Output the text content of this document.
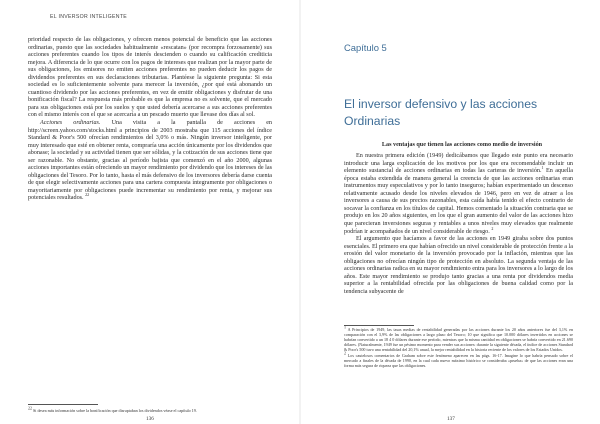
EL INVERSOR INTELIGENTE

prioridad respecto de las obligaciones, y ofrecen menos potencial de beneficio que las acciones ordinarias, puesto que las sociedades habitualmente «rescatan» (por recompra forzosamente) sus acciones preferentes cuando los tipos de interés descienden o cuando su calificación crediticia mejora. A diferencia de lo que ocurre con los pagos de intereses que realizan por la mayor parte de sus obligaciones, los emisores no emiten acciones preferentes no pueden deducir los pagos de dividendos preferentes en sus declaraciones tributarias. Plantéese la siguiente pregunta: Si esta sociedad es lo suficientemente solvente para merecer la inversión, ¿por qué está abonando un cuantioso dividendo por las acciones preferentes, en vez de emitir obligaciones y disfrutar de una bonificación fiscal? La respuesta más probable es que la empresa no es solvente, que el mercado para sus obligaciones está por los suelos y que usted debería acercarse a sus acciones preferentes con el mismo interés con el que se acercaría a un pescado muerto que llevase dos días al sol.

Acciones ordinarias. Una visita a la pantalla de acciones en http://screen.yahoo.com/stocks.html a principios de 2003 mostraba que 115 acciones del índice Standard & Poor's 500 ofrecían rendimientos del 3,0% o más. Ningún inversor inteligente, por muy interesado que esté en obtener renta, compraría una acción únicamente por los dividendos que abonase; la sociedad y su actividad tienen que ser sólidas, y la cotización de sus acciones tiene que ser razonable. No obstante, gracias al período bajista que comenzó en el año 2000, algunas acciones importantes están ofreciendo un mayor rendimiento por dividendo que los intereses de las obligaciones del Tesoro. Por lo tanto, hasta el más defensivo de los inversores debería darse cuenta de que elegir selectivamente acciones para una cartera compuesta íntegramente por obligaciones o mayoritariamente por obligaciones puede incrementar su rendimiento por renta, y mejorar sus potenciales resultados. $^{22}$

22 Si desea más información sobre la bonificación que disruptaban los dividendos véase el capítulo 19.
136
Capítulo 5
El inversor defensivo y las acciones Ordinarias
Las ventajas que tienen las acciones como medio de inversión

En nuestra primera edición (1949) dedicábamos que llegado este punto era necesario introducir una larga explicación de los motivos por los que era recomendable incluir un elemento sustancial de acciones ordinarias en todas las carteras de inversión.$^1$ En aquella época estaba extendida de manera general la creencia de que las acciones ordinarias eran instrumentos muy especulativos y por lo tanto inseguros; habían experimentado un descenso relativamente acusado desde los niveles elevados de 1946, pero en vez de atraer a los inversores a causa de sus precios razonables, esta caída había tenido el efecto contrario de socavar la confianza en los títulos de capital. Hemos comentado la situación contraria que se produjo en los 20 años siguientes, en los que el gran aumento del valor de las acciones hizo que parecieran inversiones seguras y rentables a unos niveles muy elevados que realmente podrían ir acompañados de un nivel considerable de riesgo. $^2$

El argumento que hacíamos a favor de las acciones en 1949 giraba sobre dos puntos esenciales. El primero era que habían ofrecido un nivel considerable de protección frente a la erosión del valor monetario de la inversión provocado por la inflación, mientras que las obligaciones no ofrecían ningún tipo de protección en absoluto. La segunda ventaja de las acciones ordinarias radica en su mayor rendimiento entra para los inversores a lo largo de los años. Este mayor rendimiento se produjo tanto gracias a una renta por dividendos media superior a la rentabilidad ofrecida por las obligaciones de buena calidad como por la tendencia subyacente de

1 A Principios de 1949, las tasas medias de rentabilidad generadas por las acciones durante los 20 años anteriores fue del 3,1% en comparación con el 3,9% de las obligaciones a largo plazo del Tesoro; 10 que significa que 10.000 dólares invertidos en acciones se habrían convertido a un 18 4 0 dólares durante ese período, mientras que la misma cantidad en obligaciones se habría convertido en 21.690 dólares. (Naturalmente, 1949 fue un pésimo momento para vender sus acciones: durante la siguiente década, el índice de acciones Standard & Poor's 500 tuvo una rentabilidad del 20,1% anual, la mejor rentabilidad en la historia reciente de los valores de los Estados Unidos.

2 Los cautelosos comentarios de Graham sobre este fenómeno aparecen en las págs. 16-17. Imagine lo que habría pensado sobre el mercado a finales de la década de 1990, en la cual cada nuevo máximo histórico se consideraba «prueba» de que las acciones eran una forma más segura de riqueza que las obligaciones.

137
